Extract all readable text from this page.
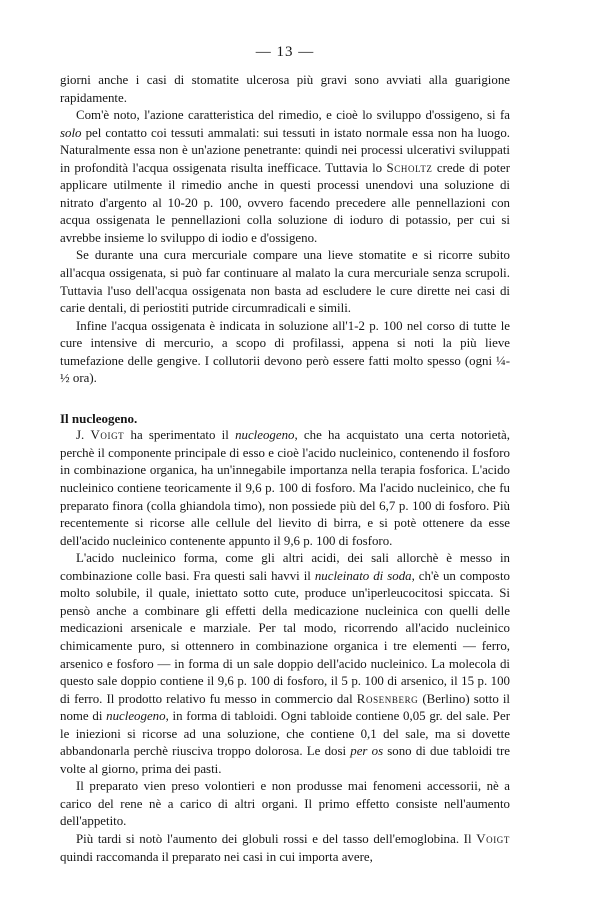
— 13 —

giorni anche i casi di stomatite ulcerosa più gravi sono avviati alla guarigione rapidamente.

Com'è noto, l'azione caratteristica del rimedio, e cioè lo sviluppo d'ossigeno, si fa solo pel contatto coi tessuti ammalati: sui tessuti in istato normale essa non ha luogo. Naturalmente essa non è un'azione penetrante: quindi nei processi ulcerativi sviluppati in profondità l'acqua ossigenata risulta inefficace. Tuttavia lo Scholtz crede di poter applicare utilmente il rimedio anche in questi processi unendovi una soluzione di nitrato d'argento al 10-20 p. 100, ovvero facendo precedere alle pennellazioni con acqua ossigenata le pennellazioni colla soluzione di ioduro di potassio, per cui si avrebbe insieme lo sviluppo di iodio e d'ossigeno.

Se durante una cura mercuriale compare una lieve stomatite e si ricorre subito all'acqua ossigenata, si può far continuare al malato la cura mercuriale senza scrupoli. Tuttavia l'uso dell'acqua ossigenata non basta ad escludere le cure dirette nei casi di carie dentali, di periostiti putride circumradicali e simili.

Infine l'acqua ossigenata è indicata in soluzione all'1-2 p. 100 nel corso di tutte le cure intensive di mercurio, a scopo di profilassi, appena si noti la più lieve tumefazione delle gengive. I collutorii devono però essere fatti molto spesso (ogni ¼-½ ora).

Il nucleogeno.

J. Voigt ha sperimentato il nucleogeno, che ha acquistato una certa notorietà, perchè il componente principale di esso e cioè l'acido nucleinico, contenendo il fosforo in combinazione organica, ha un'innegabile importanza nella terapia fosforica. L'acido nucleinico contiene teoricamente il 9,6 p. 100 di fosforo. Ma l'acido nucleinico, che fu preparato finora (colla ghiandola timo), non possiede più del 6,7 p. 100 di fosforo. Più recentemente si ricorse alle cellule del lievito di birra, e si potè ottenere da esse dell'acido nucleinico contenente appunto il 9,6 p. 100 di fosforo.

L'acido nucleinico forma, come gli altri acidi, dei sali allorchè è messo in combinazione colle basi. Fra questi sali havvi il nucleinato di soda, ch'è un composto molto solubile, il quale, iniettato sotto cute, produce un'iperleucocitosi spiccata. Si pensò anche a combinare gli effetti della medicazione nucleinica con quelli delle medicazioni arsenicale e marziale. Per tal modo, ricorrendo all'acido nucleinico chimicamente puro, si ottennero in combinazione organica i tre elementi — ferro, arsenico e fosforo — in forma di un sale doppio dell'acido nucleinico. La molecola di questo sale doppio contiene il 9,6 p. 100 di fosforo, il 5 p. 100 di arsenico, il 15 p. 100 di ferro. Il prodotto relativo fu messo in commercio dal Rosenberg (Berlino) sotto il nome di nucleogeno, in forma di tabloidi. Ogni tabloide contiene 0,05 gr. del sale. Per le iniezioni si ricorse ad una soluzione, che contiene 0,1 del sale, ma si dovette abbandonarla perchè riusciva troppo dolorosa. Le dosi per os sono di due tabloidi tre volte al giorno, prima dei pasti.

Il preparato vien preso volontieri e non produsse mai fenomeni accessorii, nè a carico del rene nè a carico di altri organi. Il primo effetto consiste nell'aumento dell'appetito.

Più tardi si notò l'aumento dei globuli rossi e del tasso dell'emoglobina. Il Voigt quindi raccomanda il preparato nei casi in cui importa avere,
